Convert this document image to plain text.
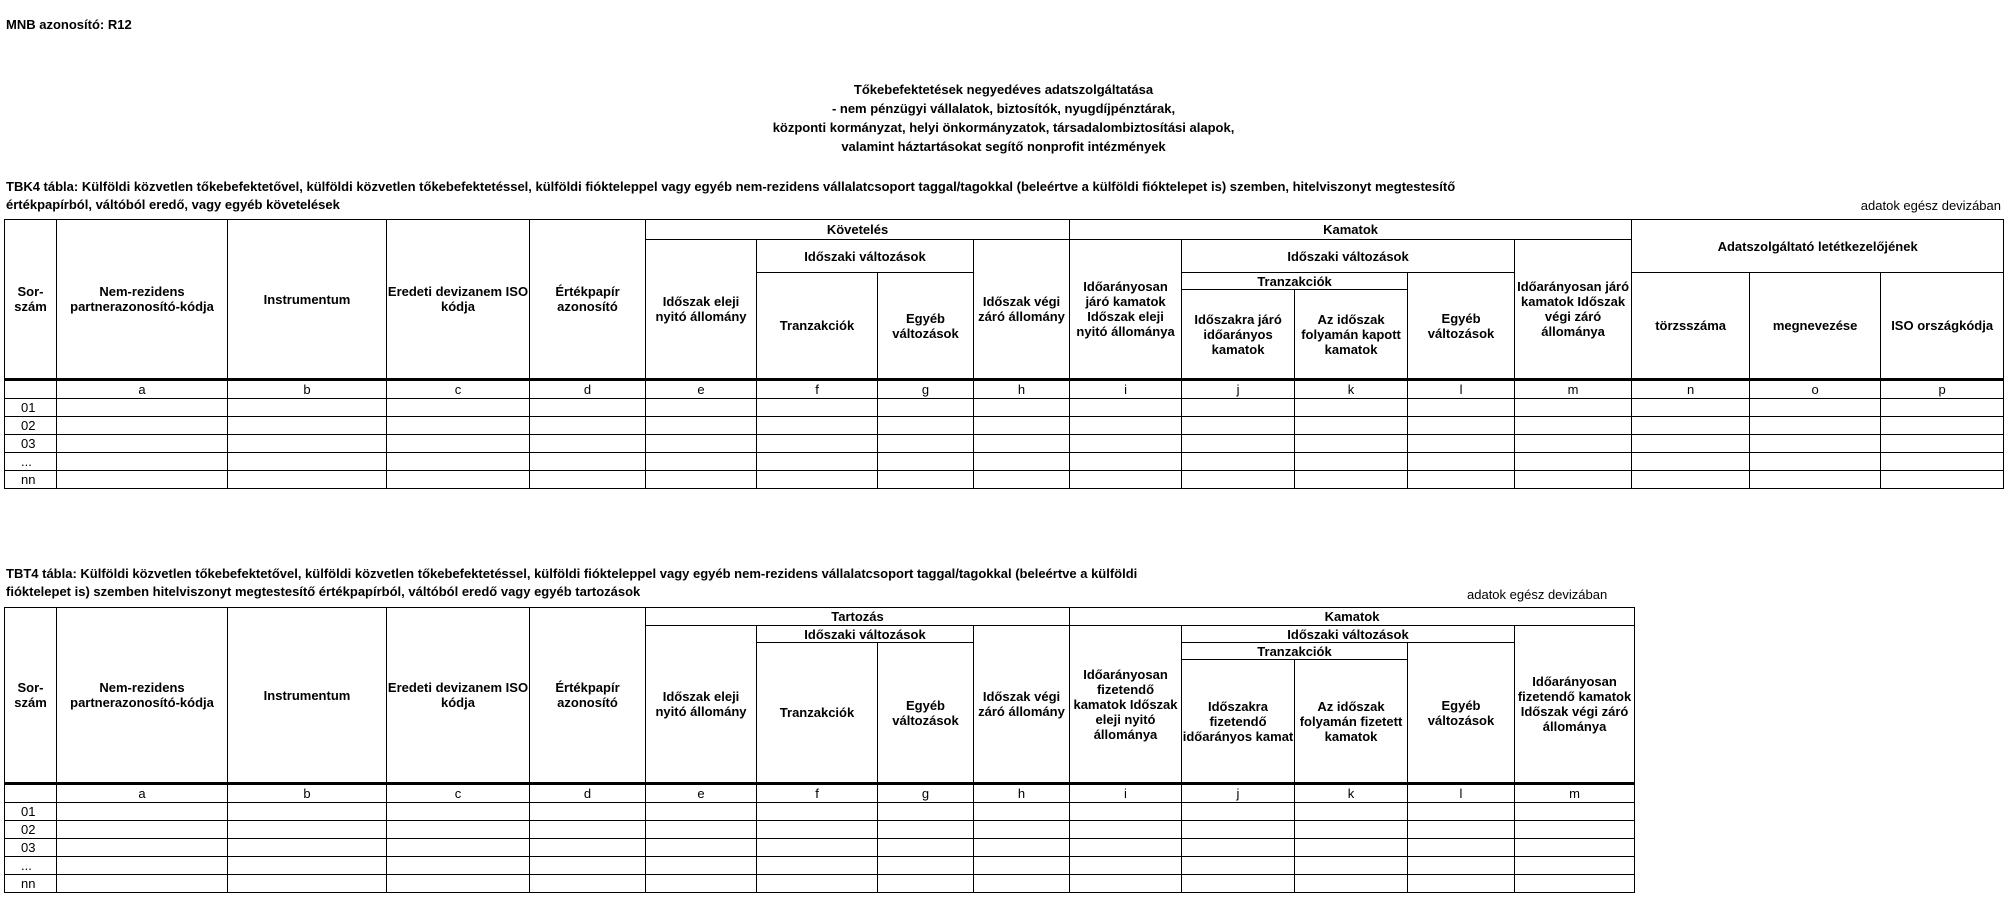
MNB azonosító: R12
Tőkebefektetések negyedéves adatszolgáltatása
- nem pénzügyi vállalatok, biztosítók, nyugdíjpénztárak,
központi kormányzat, helyi önkormányzatok, társadalombiztosítási alapok,
valamint háztartásokat segítő nonprofit intézmények
TBK4 tábla: Külföldi közvetlen tőkebefektetővel, külföldi közvetlen tőkebefektetéssel, külföldi fióktelеppel vagy egyéb nem-rezidens vállalatcsoport taggal/tagokkal (beleértve a külföldi fióktelepet is) szemben, hitelviszonyt megtestesítő
értékpapírból, váltóból eredő, vagy egyéb követelések	adatok egész devizában
Sor-szám	Nem-rezidens partnerazonosító-kódja	Instrumentum	Eredeti devizanem ISO kódja	Értékpapír azonosító	Követelés				Kamatok					Adatszolgáltató letétkezelőjének		
					Időszak eleji nyitó állomány	Időszaki változások		Időszak végi záró állomány	Időarányosan járó kamatok Időszak eleji nyitó állománya	Időszaki változások			Időarányosan járó kamatok Időszak végi záró állománya			
						Tranzakciók	Egyéb változások			Tranzakciók		Egyéb változások		törzsszáma	megnevezése	ISO országkódja
										Időszakra járó időarányos kamatok	Az időszak folyamán kapott kamatok					
	a	b	c	d	e	f	g	h	i	j	k	l	m	n	o	p
01																
02																
03																
...																
nn																
TBT4 tábla: Külföldi közvetlen tőkebefektetővel, külföldi közvetlen tőkebefektetéssel, külföldi fiókteleppel vagy egyéb nem-rezidens vállalatcsoport taggal/tagokkal (beleértve a külföldi
fióktelepet is) szemben hitelviszonyt megtestesítő értékpapírból, váltóból eredő vagy egyéb tartozások	adatok egész devizában
Sor-szám	Nem-rezidens partnerazonosító-kódja	Instrumentum	Eredeti devizanem ISO kódja	Értékpapír azonosító	Tartozás				Kamatok				
					Időszak eleji nyitó állomány	Időszaki változások		Időszak végi záró állomány	Időarányosan fizetendő kamatok Időszak eleji nyitó állománya	Időszaki változások			Időarányosan fizetendő kamatok Időszak végi záró állománya
						Tranzakciók	Egyéb változások			Tranzakciók		Egyéb változások	
										Időszakra fizetendő időarányos kamat	Az időszak folyamán fizetett kamatok		
	a	b	c	d	e	f	g	h	i	j	k	l	m
01													
02													
03													
...													
nn													
